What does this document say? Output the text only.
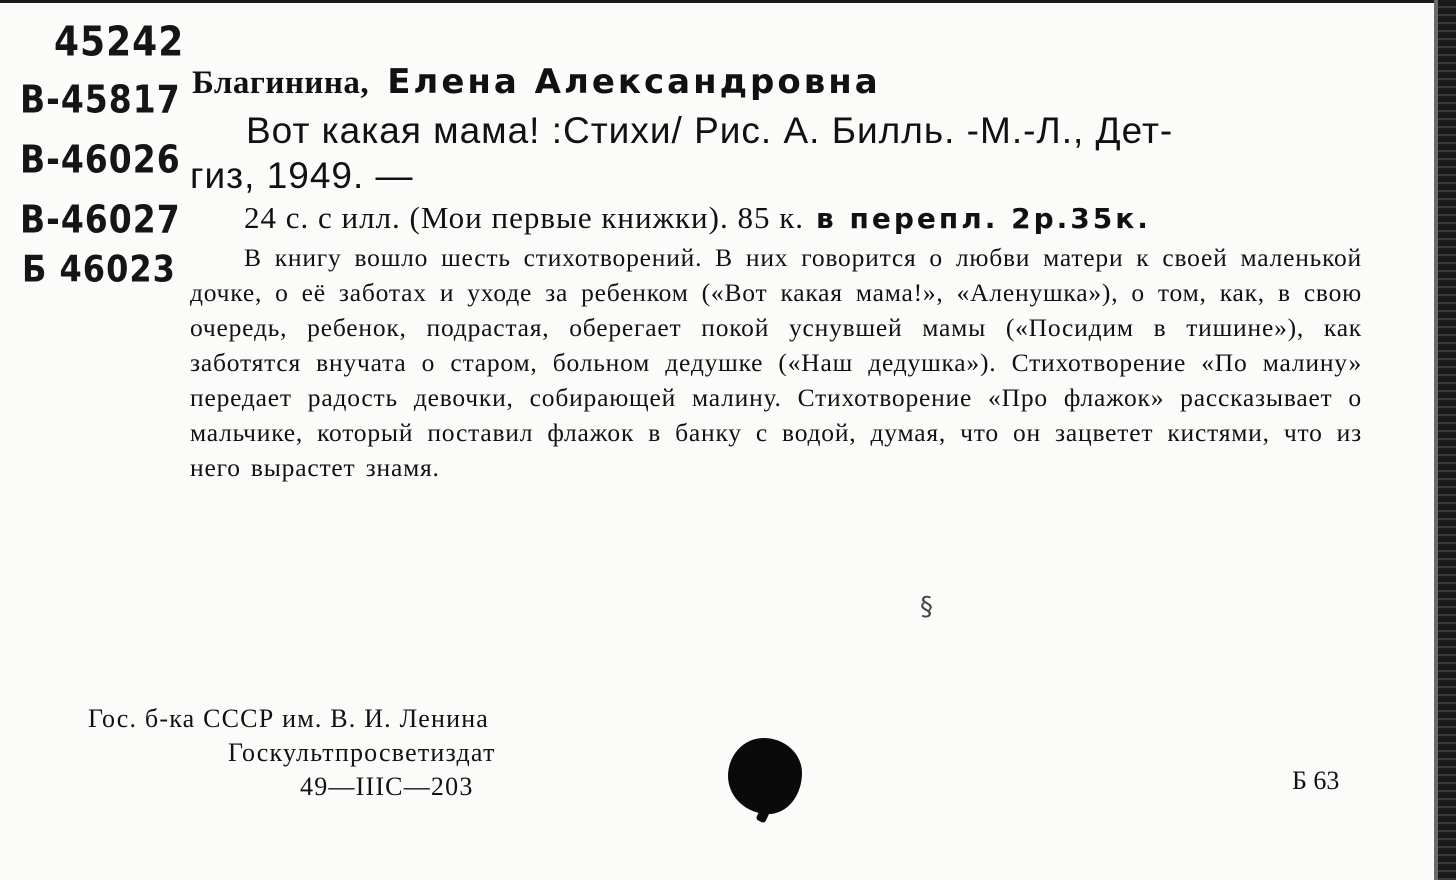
45242
В-45817
В-46026
В-46027
Б 46023
Благинина, Елена Александровна
Вот какая мама! :Стихи/ Рис. А. Билль. -М.-Л., Дет-
гиз, 1949. —
24 с. с илл. (Мои первые книжки). 85 к. в перепл. 2р.35к.

В книгу вошло шесть стихотворений. В них говорится о любви матери к своей маленькой дочке, о её заботах и уходе за ребенком («Вот какая мама!», «Аленушка»), о том, как, в свою очередь, ребенок, подрастая, оберегает покой уснувшей мамы («Посидим в тишине»), как заботятся внучата о старом, больном дедушке («Наш дедушка»). Стихотворение «По малину» передает радость девочки, собирающей малину. Стихотворение «Про флажок» рассказывает о мальчике, который поставил флажок в банку с водой, думая, что он зацветет кистями, что из него вырастет знамя.

§
Гос. б-ка СССР им. В. И. Ленина
Госкультпросветиздат
49—IIIС—203	Б 63
